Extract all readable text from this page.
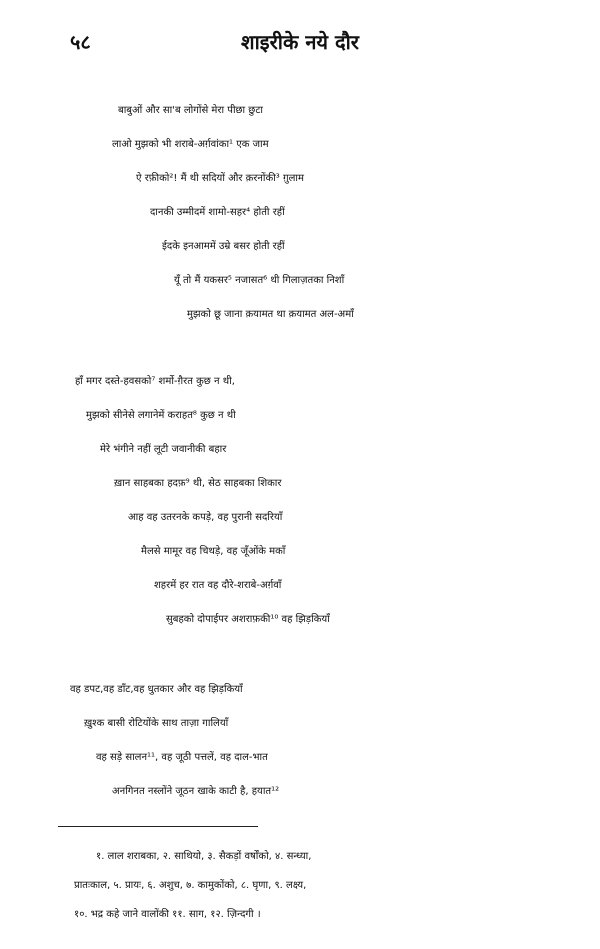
५८	शाइरीके नये दौर
बाबुओं और सा'ब लोगोंसे मेरा पीछा छुटा
लाओ मुझको भी शराबे-अर्ग़वांका¹ एक जाम
ऐ रफ़ीको²! मैं थी सदियों और क़रनोंकी³ ग़ुलाम
दानकी उम्मीदमें शामो-सहर⁴ होती रहीं
ईदके इनआममें उम्रे बसर होती रहीं
यूँ तो मैं यकसर⁵ नजासत⁶ थी गिलाज़तका निशाँ
मुझको छू जाना क़यामत था क़यामत अल-अमाँ
हाँ मगर दस्ते-हवसको⁷ शर्मो-ग़ैरत कुछ न थी,
मुझको सीनेसे लगानेमें कराहत⁸ कुछ न थी
मेरे भंगीने नहीं लूटी जवानीकी बहार
ख़ान साहबका हदफ़⁹ थी, सेठ साहबका शिकार
आह वह उतरनके कपड़े, वह पुरानी सदरियाँ
मैलसे मामूर वह चिथड़े, वह जूँओंके मकाँ
शहरमें हर रात वह दौरे-शराबे-अर्ग़वाँ
सुबहको दोपाईपर अशराफ़की¹⁰ वह झिड़कियाँ
वह डपट,वह डाँट,वह धुतकार और वह झिड़कियाँ
ख़ुश्क बासी रोटियोंके साथ ताज़ा गालियाँ
वह सड़े सालन¹¹, वह जूठी पत्तलें, वह दाल-भात
अनगिनत नस्लोंने जूठन खाके काटी है, हयात¹²
१. लाल शराबका, २. साथियो, ३. सैकड़ों वर्षोंको, ४. सन्ध्या,
प्रातःकाल, ५. प्रायः, ६. अशुच, ७. कामुकोंको, ८. घृणा, ९. लक्ष्य,
१०. भद्र कहे जाने वालोंकी ११. साग, १२. ज़िन्दगी ।
